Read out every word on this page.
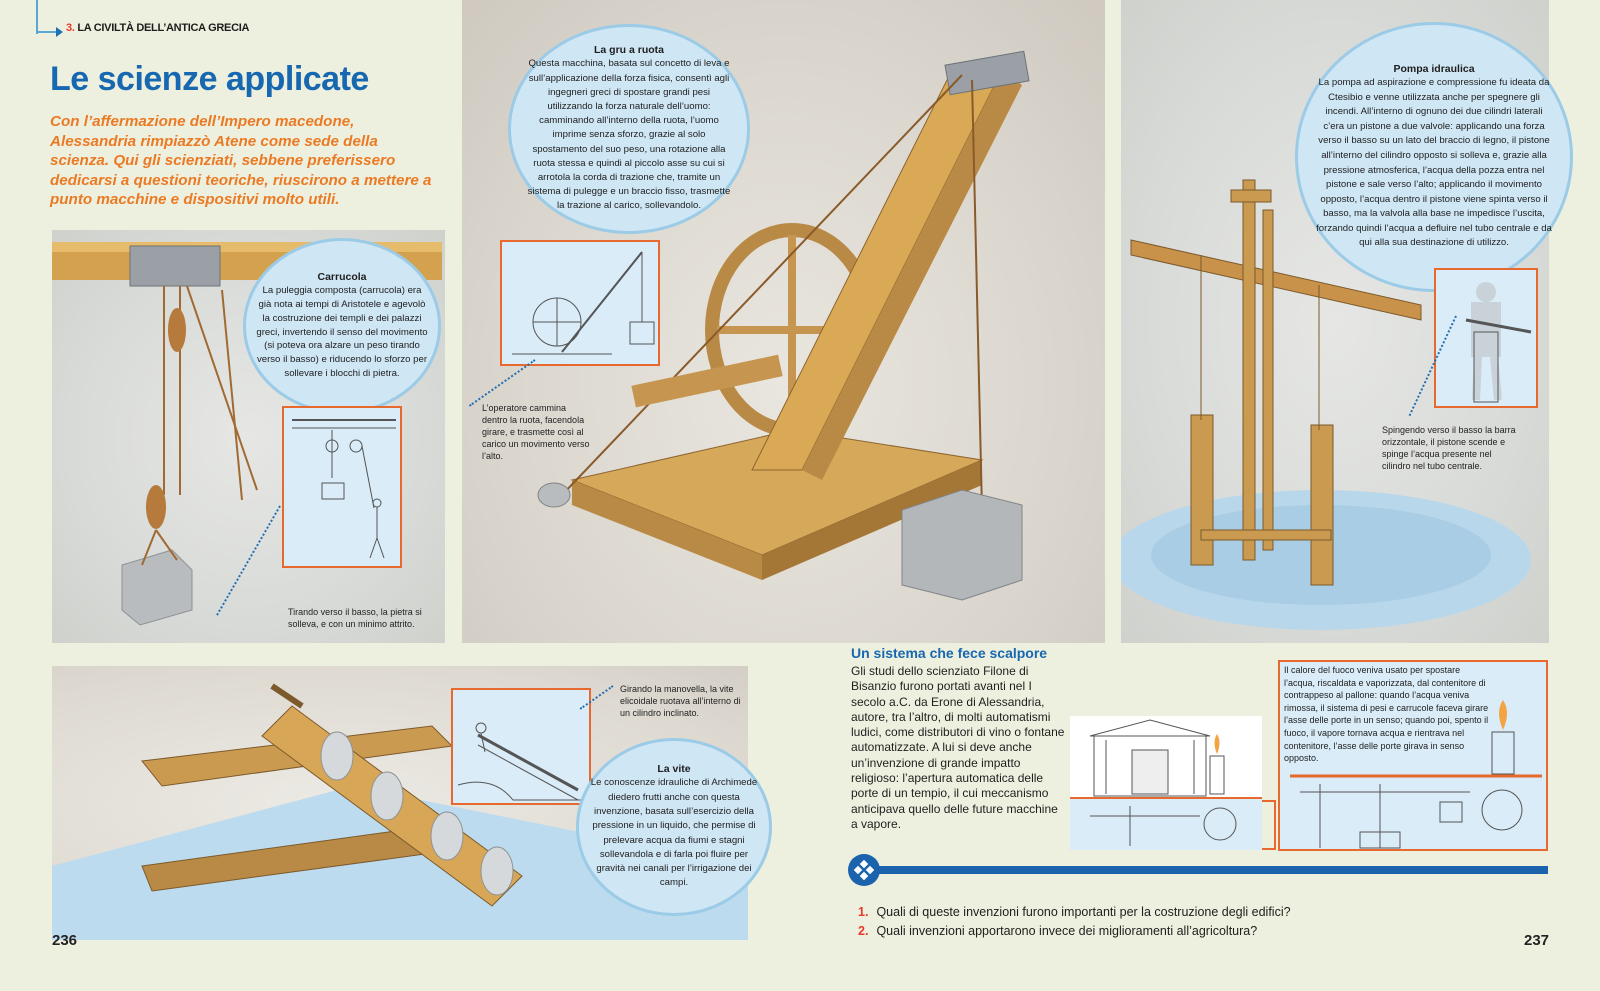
3. LA CIVILTÀ DELL’ANTICA GRECIA
Le scienze applicate

Con l’affermazione dell’Impero macedone, Alessandria rimpiazzò Atene come sede della scienza. Qui gli scienziati, sebbene preferissero dedicarsi a questioni teoriche, riuscirono a mettere a punto macchine e dispositivi molto utili.

Carrucola

La puleggia composta (carrucola) era già nota ai tempi di Aristotele e agevolò la costruzione dei templi e dei palazzi greci, invertendo il senso del movimento (si poteva ora alzare un peso tirando verso il basso) e riducendo lo sforzo per sollevare i blocchi di pietra.

Tirando verso il basso, la pietra si solleva, e con un minimo attrito.

La gru a ruota

Questa macchina, basata sul concetto di leva e sull’applicazione della forza fisica, consentì agli ingegneri greci di spostare grandi pesi utilizzando la forza naturale dell’uomo: camminando all’interno della ruota, l’uomo imprime senza sforzo, grazie al solo spostamento del suo peso, una rotazione alla ruota stessa e quindi al piccolo asse su cui si arrotola la corda di trazione che, tramite un sistema di pulegge e un braccio fisso, trasmette la trazione al carico, sollevandolo.

L’operatore cammina dentro la ruota, facendola girare, e trasmette così al carico un movimento verso l’alto.

Pompa idraulica

La pompa ad aspirazione e compressione fu ideata da Ctesibio e venne utilizzata anche per spegnere gli incendi. All’interno di ognuno dei due cilindri laterali c’era un pistone a due valvole: applicando una forza verso il basso su un lato del braccio di legno, il pistone all’interno del cilindro opposto si solleva e, grazie alla pressione atmosferica, l’acqua della pozza entra nel pistone e sale verso l’alto; applicando il movimento opposto, l’acqua dentro il pistone viene spinta verso il basso, ma la valvola alla base ne impedisce l’uscita, forzando quindi l’acqua a defluire nel tubo centrale e da qui alla sua destinazione di utilizzo.

Spingendo verso il basso la barra orizzontale, il pistone scende e spinge l’acqua presente nel cilindro nel tubo centrale.

Girando la manovella, la vite elicoidale ruotava all’interno di un cilindro inclinato.

La vite

Le conoscenze idrauliche di Archimede diedero frutti anche con questa invenzione, basata sull’esercizio della pressione in un liquido, che permise di prelevare acqua da fiumi e stagni sollevandola e di farla poi fluire per gravità nei canali per l’irrigazione dei campi.

Un sistema che fece scalpore

Gli studi dello scienziato Filone di Bisanzio furono portati avanti nel I secolo a.C. da Erone di Alessandria, autore, tra l’altro, di molti automatismi ludici, come distributori di vino o fontane automatizzate. A lui si deve anche un’invenzione di grande impatto religioso: l’apertura automatica delle porte di un tempio, il cui meccanismo anticipava quello delle future macchine a vapore.

Il calore del fuoco veniva usato per spostare l’acqua, riscaldata e vaporizzata, dal contenitore di contrappeso al pallone: quando l’acqua veniva rimossa, il sistema di pesi e carrucole faceva girare l’asse delle porte in un senso; quando poi, spento il fuoco, il vapore tornava acqua e rientrava nel contenitore, l’asse delle porte girava in senso opposto.

1. Quali di queste invenzioni furono importanti per la costruzione degli edifici?

2. Quali invenzioni apportarono invece dei miglioramenti all’agricoltura?

236	237
